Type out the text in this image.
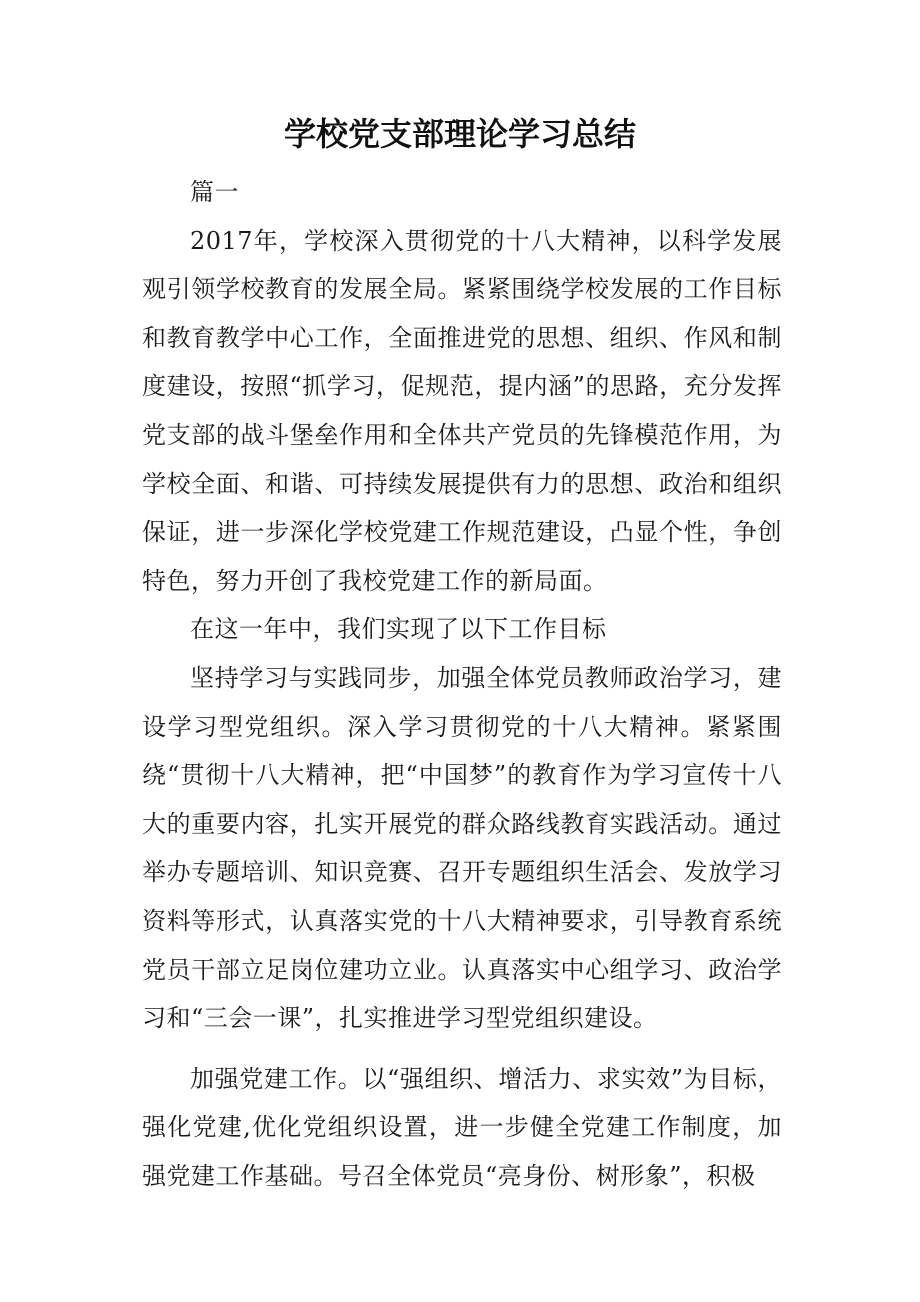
学校党支部理论学习总结

篇一

2017年，学校深入贯彻党的十八大精神，以科学发展观引领学校教育的发展全局。紧紧围绕学校发展的工作目标和教育教学中心工作，全面推进党的思想、组织、作风和制度建设，按照“抓学习，促规范，提内涵”的思路，充分发挥党支部的战斗堡垒作用和全体共产党员的先锋模范作用，为学校全面、和谐、可持续发展提供有力的思想、政治和组织保证，进一步深化学校党建工作规范建设，凸显个性，争创特色，努力开创了我校党建工作的新局面。

在这一年中，我们实现了以下工作目标

坚持学习与实践同步，加强全体党员教师政治学习，建设学习型党组织。深入学习贯彻党的十八大精神。紧紧围绕“贯彻十八大精神，把“中国梦”的教育作为学习宣传十八大的重要内容，扎实开展党的群众路线教育实践活动。通过举办专题培训、知识竞赛、召开专题组织生活会、发放学习资料等形式，认真落实党的十八大精神要求，引导教育系统党员干部立足岗位建功立业。认真落实中心组学习、政治学习和“三会一课”，扎实推进学习型党组织建设。

加强党建工作。以“强组织、增活力、求实效”为目标，强化党建,优化党组织设置，进一步健全党建工作制度，加强党建工作基础。号召全体党员“亮身份、树形象”，积极
